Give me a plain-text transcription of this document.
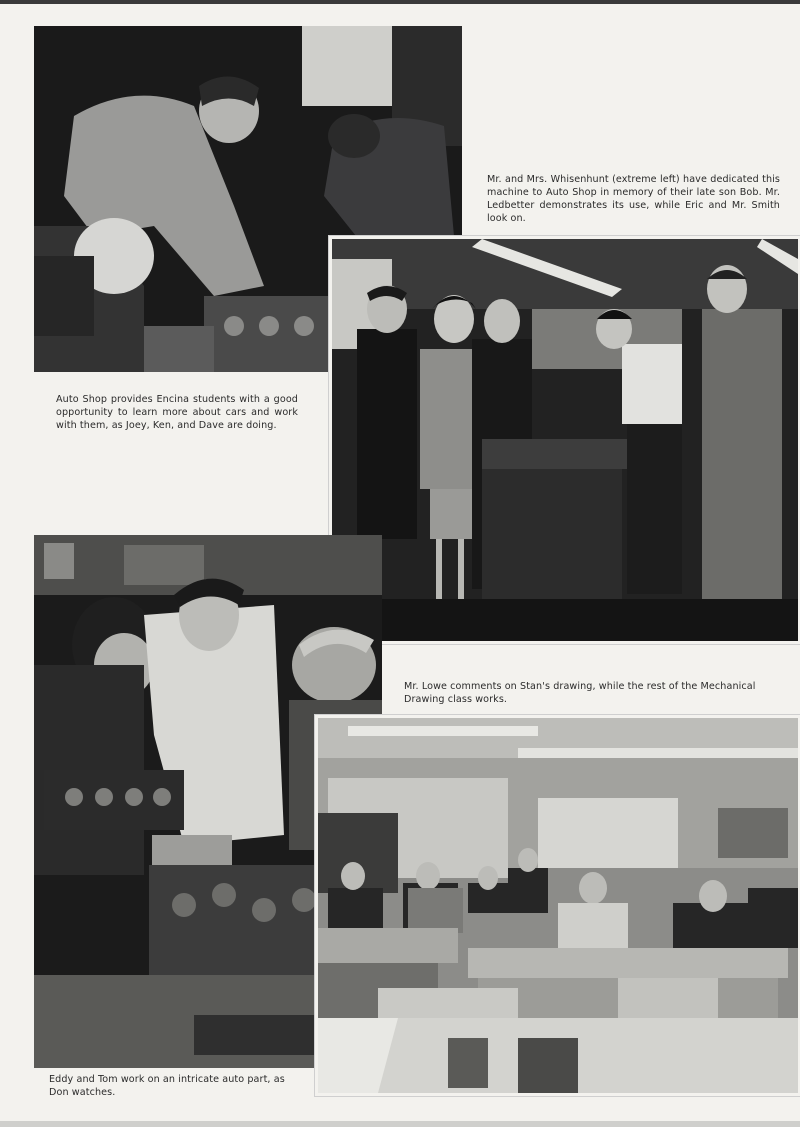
Auto Shop provides Encina students with a good opportunity to learn more about cars and work with them, as Joey, Ken, and Dave are doing.

Mr. and Mrs. Whisenhunt (extreme left) have dedicated this machine to Auto Shop in memory of their late son Bob. Mr. Ledbetter demonstrates its use, while Eric and Mr. Smith look on.

Eddy and Tom work on an intricate auto part, as Don watches.

Mr. Lowe comments on Stan's drawing, while the rest of the Mechanical Drawing class works.
